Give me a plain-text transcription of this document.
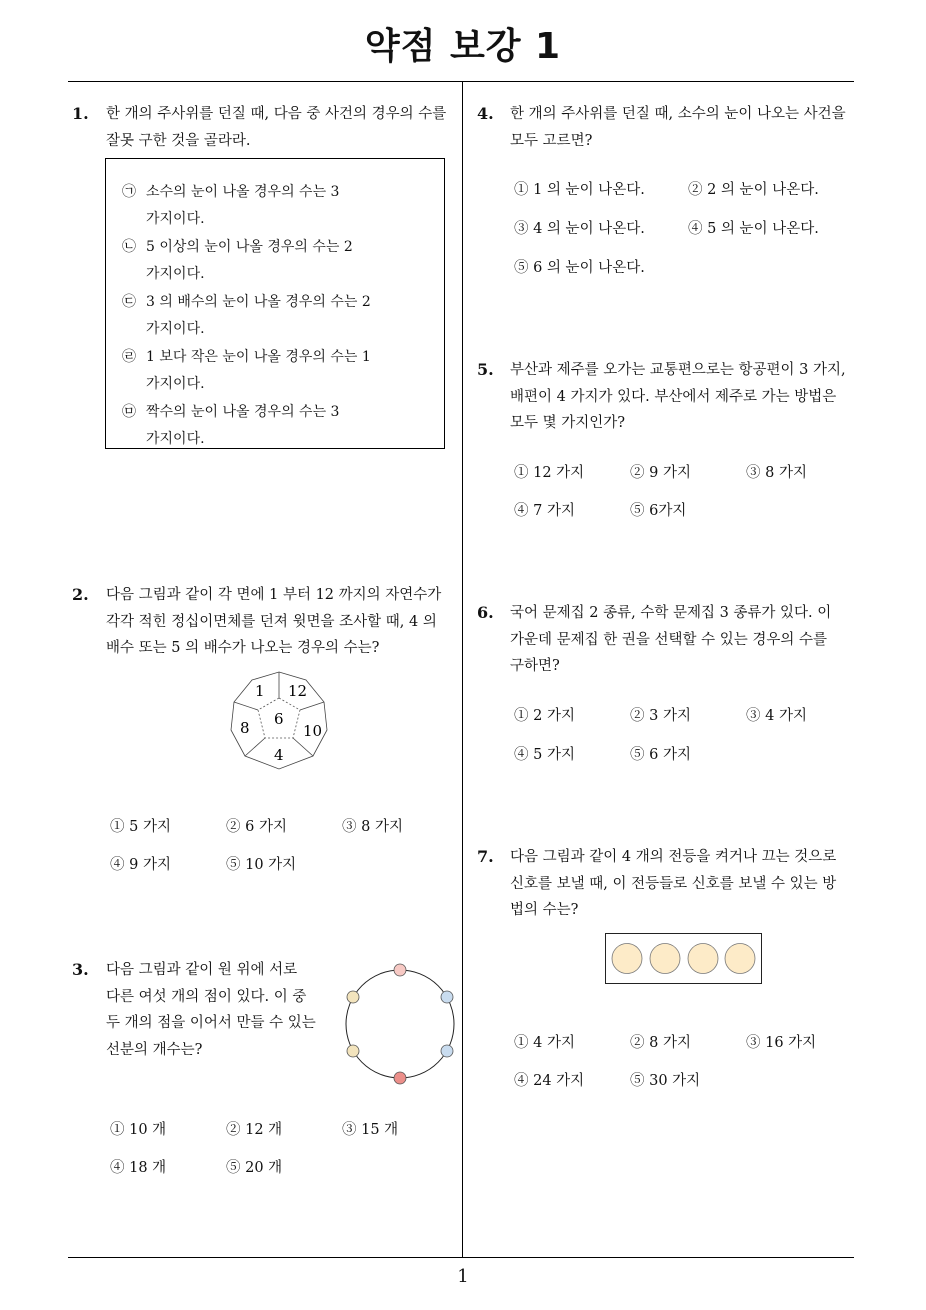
약점 보강 1
1
1. 한 개의 주사위를 던질 때, 다음 중 사건의 경우의 수를
잘못 구한 것을 골라라.
㉠ 소수의 눈이 나올 경우의 수는 3
가지이다.
㉡ 5 이상의 눈이 나올 경우의 수는 2
가지이다.
㉢ 3 의 배수의 눈이 나올 경우의 수는 2
가지이다.
㉣ 1 보다 작은 눈이 나올 경우의 수는 1
가지이다.
㉤ 짝수의 눈이 나올 경우의 수는 3
가지이다.
2. 다음 그림과 같이 각 면에 1 부터 12 까지의 자연수가
각각 적힌 정십이면체를 던져 윗면을 조사할 때, 4 의
배수 또는 5 의 배수가 나오는 경우의 수는?
1 12
6
8	10
4
① 5 가지	② 6 가지	③ 8 가지
④ 9 가지	⑤ 10 가지
3. 다음 그림과 같이 원 위에 서로
다른 여섯 개의 점이 있다. 이 중
두 개의 점을 이어서 만들 수 있는
선분의 개수는?
① 10 개	② 12 개	③ 15 개
④ 18 개	⑤ 20 개
4. 한 개의 주사위를 던질 때, 소수의 눈이 나오는 사건을
모두 고르면?
① 1 의 눈이 나온다.	② 2 의 눈이 나온다.
③ 4 의 눈이 나온다.	④ 5 의 눈이 나온다.
⑤ 6 의 눈이 나온다.
5. 부산과 제주를 오가는 교통편으로는 항공편이 3 가지,
배편이 4 가지가 있다. 부산에서 제주로 가는 방법은
모두 몇 가지인가?
① 12 가지	② 9 가지	③ 8 가지
④ 7 가지	⑤ 6가지
6. 국어 문제집 2 종류, 수학 문제집 3 종류가 있다. 이
가운데 문제집 한 권을 선택할 수 있는 경우의 수를
구하면?
① 2 가지	② 3 가지	③ 4 가지
④ 5 가지	⑤ 6 가지
7. 다음 그림과 같이 4 개의 전등을 켜거나 끄는 것으로
신호를 보낼 때, 이 전등들로 신호를 보낼 수 있는 방
법의 수는?
① 4 가지	② 8 가지	③ 16 가지
④ 24 가지	⑤ 30 가지
